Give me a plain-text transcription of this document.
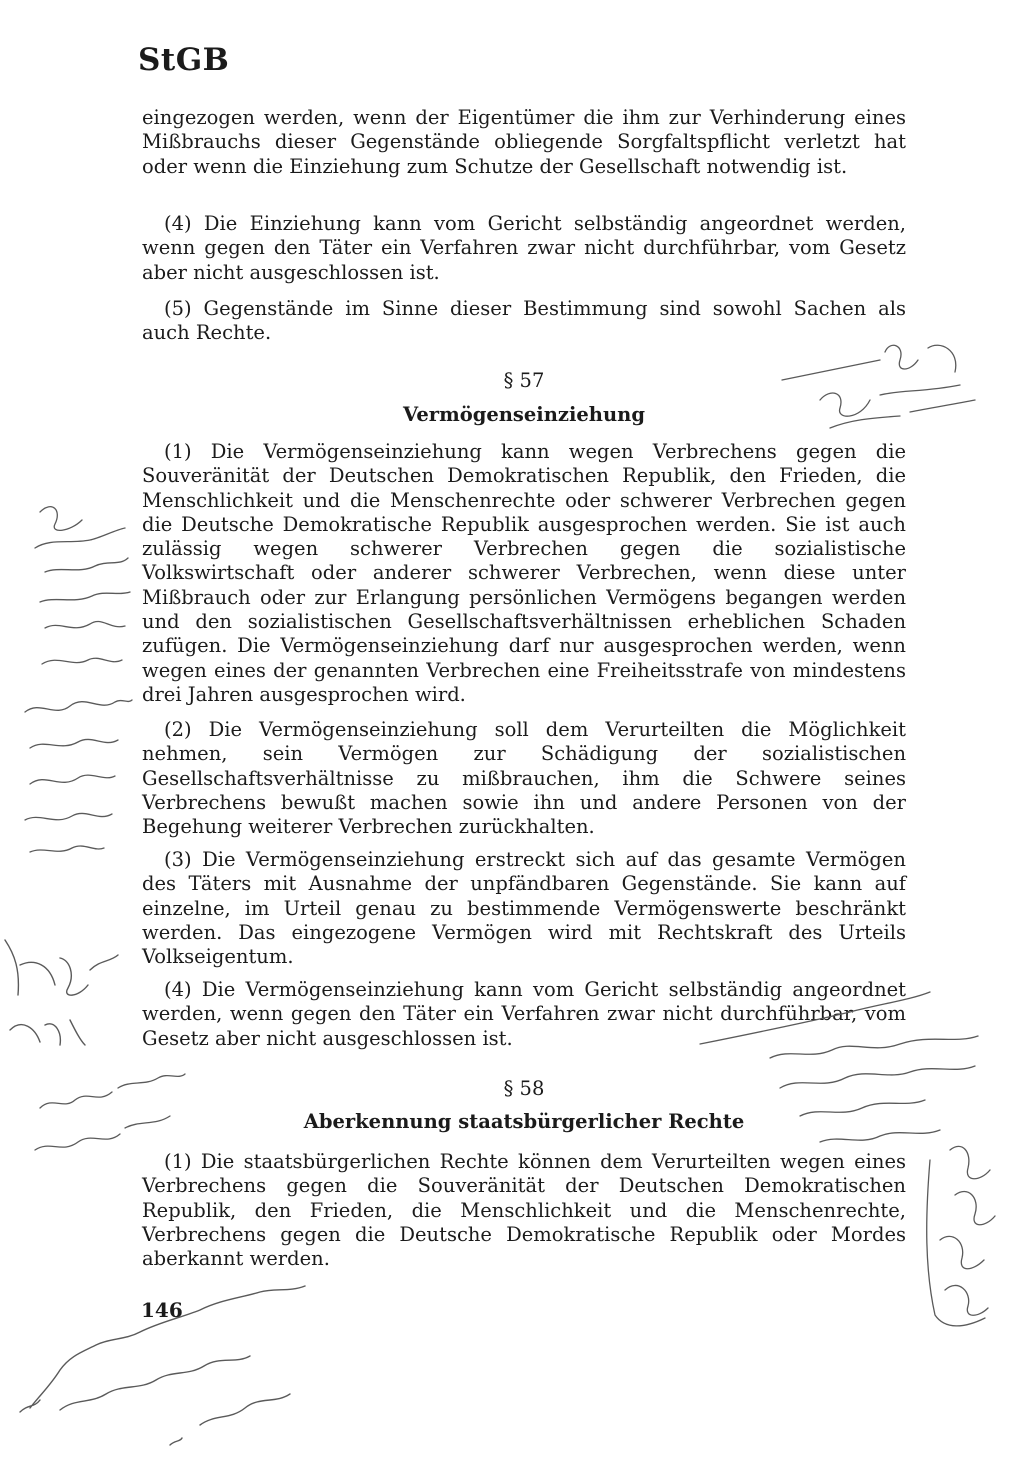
StGB

eingezogen werden, wenn der Eigentümer die ihm zur Verhinderung eines Mißbrauchs dieser Gegenstände obliegende Sorgfaltspflicht verletzt hat oder wenn die Einziehung zum Schutze der Gesellschaft notwendig ist.

(4) Die Einziehung kann vom Gericht selbständig angeordnet werden, wenn gegen den Täter ein Verfahren zwar nicht durchführbar, vom Gesetz aber nicht ausgeschlossen ist.

(5) Gegenstände im Sinne dieser Bestimmung sind sowohl Sachen als auch Rechte.

§ 57
Vermögenseinziehung

(1) Die Vermögenseinziehung kann wegen Verbrechens gegen die Souveränität der Deutschen Demokratischen Republik, den Frieden, die Menschlichkeit und die Menschenrechte oder schwerer Verbrechen gegen die Deutsche Demokratische Republik ausgesprochen werden. Sie ist auch zulässig wegen schwerer Verbrechen gegen die sozialistische Volkswirtschaft oder anderer schwerer Verbrechen, wenn diese unter Mißbrauch oder zur Erlangung persönlichen Vermögens begangen werden und den sozialistischen Gesellschaftsverhältnissen erheblichen Schaden zufügen. Die Vermögenseinziehung darf nur ausgesprochen werden, wenn wegen eines der genannten Verbrechen eine Freiheitsstrafe von mindestens drei Jahren ausgesprochen wird.

(2) Die Vermögenseinziehung soll dem Verurteilten die Möglichkeit nehmen, sein Vermögen zur Schädigung der sozialistischen Gesellschaftsverhältnisse zu mißbrauchen, ihm die Schwere seines Verbrechens bewußt machen sowie ihn und andere Personen von der Begehung weiterer Verbrechen zurückhalten.

(3) Die Vermögenseinziehung erstreckt sich auf das gesamte Vermögen des Täters mit Ausnahme der unpfändbaren Gegenstände. Sie kann auf einzelne, im Urteil genau zu bestimmende Vermögenswerte beschränkt werden. Das eingezogene Vermögen wird mit Rechtskraft des Urteils Volkseigentum.

(4) Die Vermögenseinziehung kann vom Gericht selbständig angeordnet werden, wenn gegen den Täter ein Verfahren zwar nicht durchführbar, vom Gesetz aber nicht ausgeschlossen ist.

§ 58
Aberkennung staatsbürgerlicher Rechte

(1) Die staatsbürgerlichen Rechte können dem Verurteilten wegen eines Verbrechens gegen die Souveränität der Deutschen Demokratischen Republik, den Frieden, die Menschlichkeit und die Menschenrechte, Verbrechens gegen die Deutsche Demokratische Republik oder Mordes aberkannt werden.

146
